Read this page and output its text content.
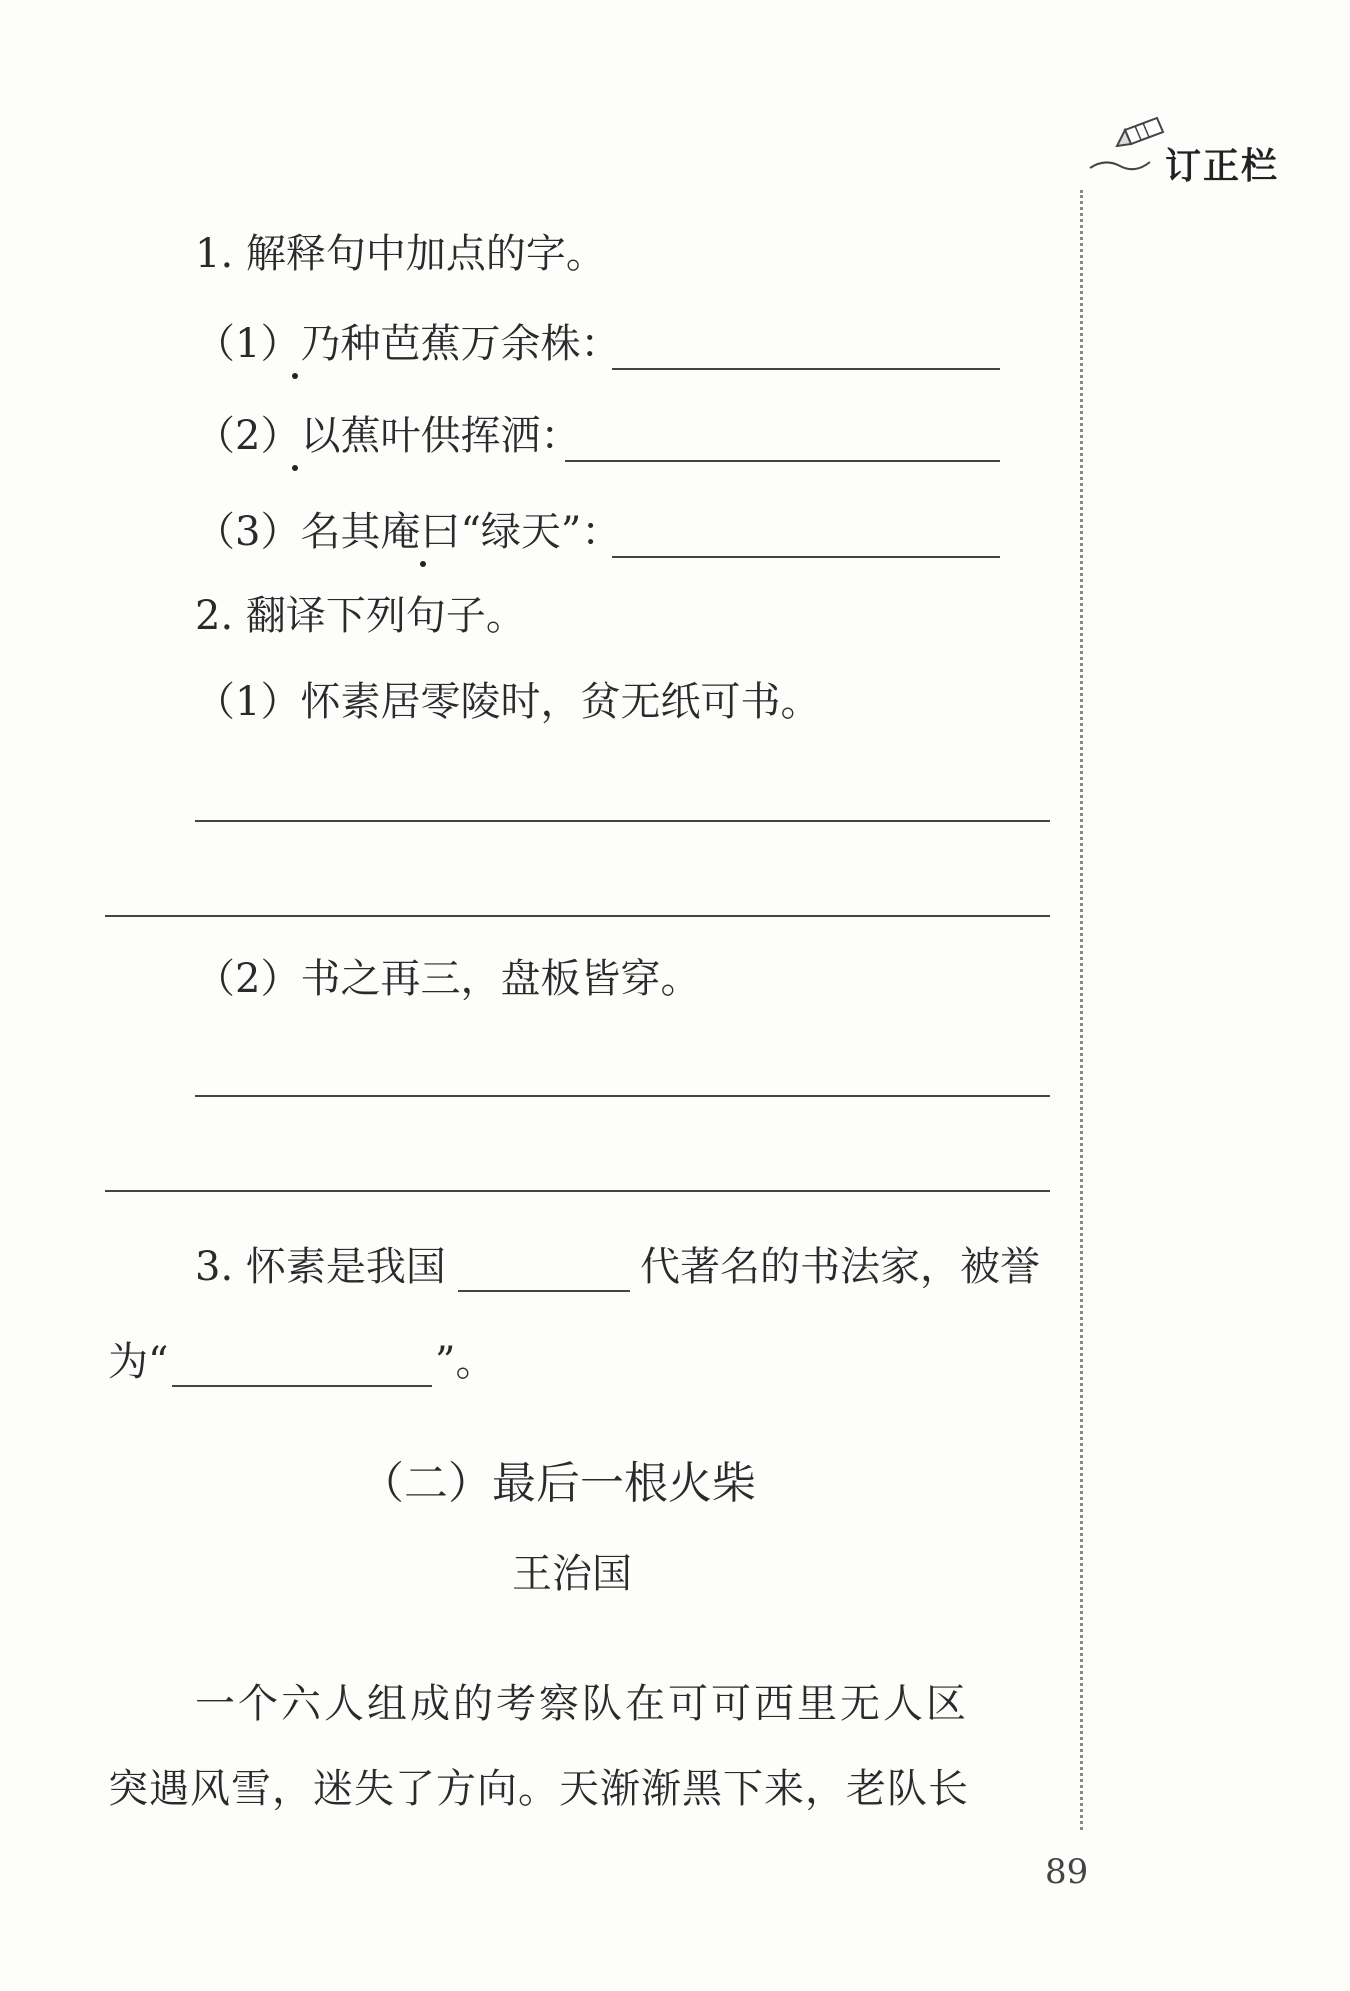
订正栏
1. 解释句中加点的字。
（1）乃种芭蕉万余株：
（2）以蕉叶供挥洒：
（3）名其庵曰“绿天”：
2. 翻译下列句子。
（1）怀素居零陵时，贫无纸可书。
（2）书之再三，盘板皆穿。
3. 怀素是我国	代著名的书法家，被誉
为“	”。
（二）最后一根火柴
王治国
一个六人组成的考察队在可可西里无人区
突遇风雪，迷失了方向。天渐渐黑下来，老队长
89
